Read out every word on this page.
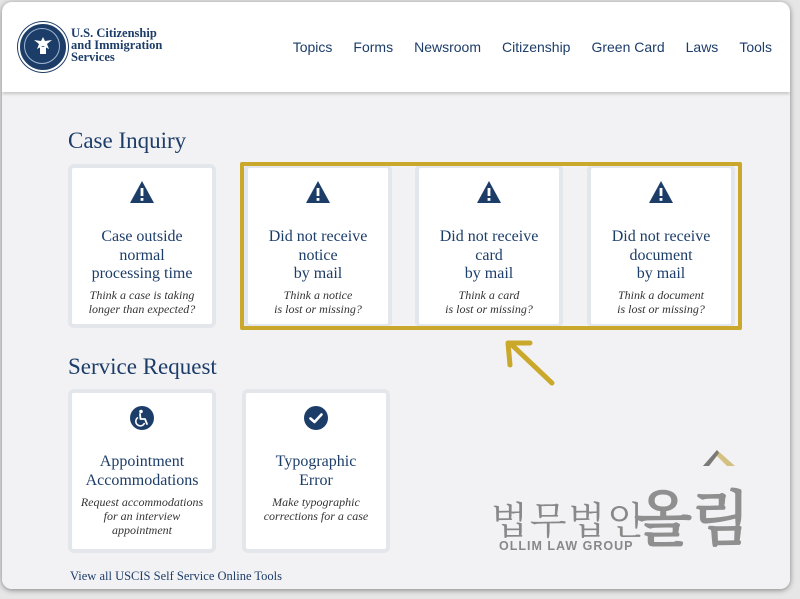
U.S. Citizenship
and Immigration
Services
Topics Forms Newsroom Citizenship Green Card Laws Tools
Case Inquiry
Case outside
normal
processing time
Think a case is taking
longer than expected?
Did not receive
notice
by mail
Think a notice
is lost or missing?
Did not receive
card
by mail
Think a card
is lost or missing?
Did not receive
document
by mail
Think a document
is lost or missing?
Service Request
Appointment
Accommodations
Request accommodations
for an interview
appointment
Typographic
Error
Make typographic
corrections for a case
View all USCIS Self Service Online Tools
법무법인
올림
OLLIM LAW GROUP
